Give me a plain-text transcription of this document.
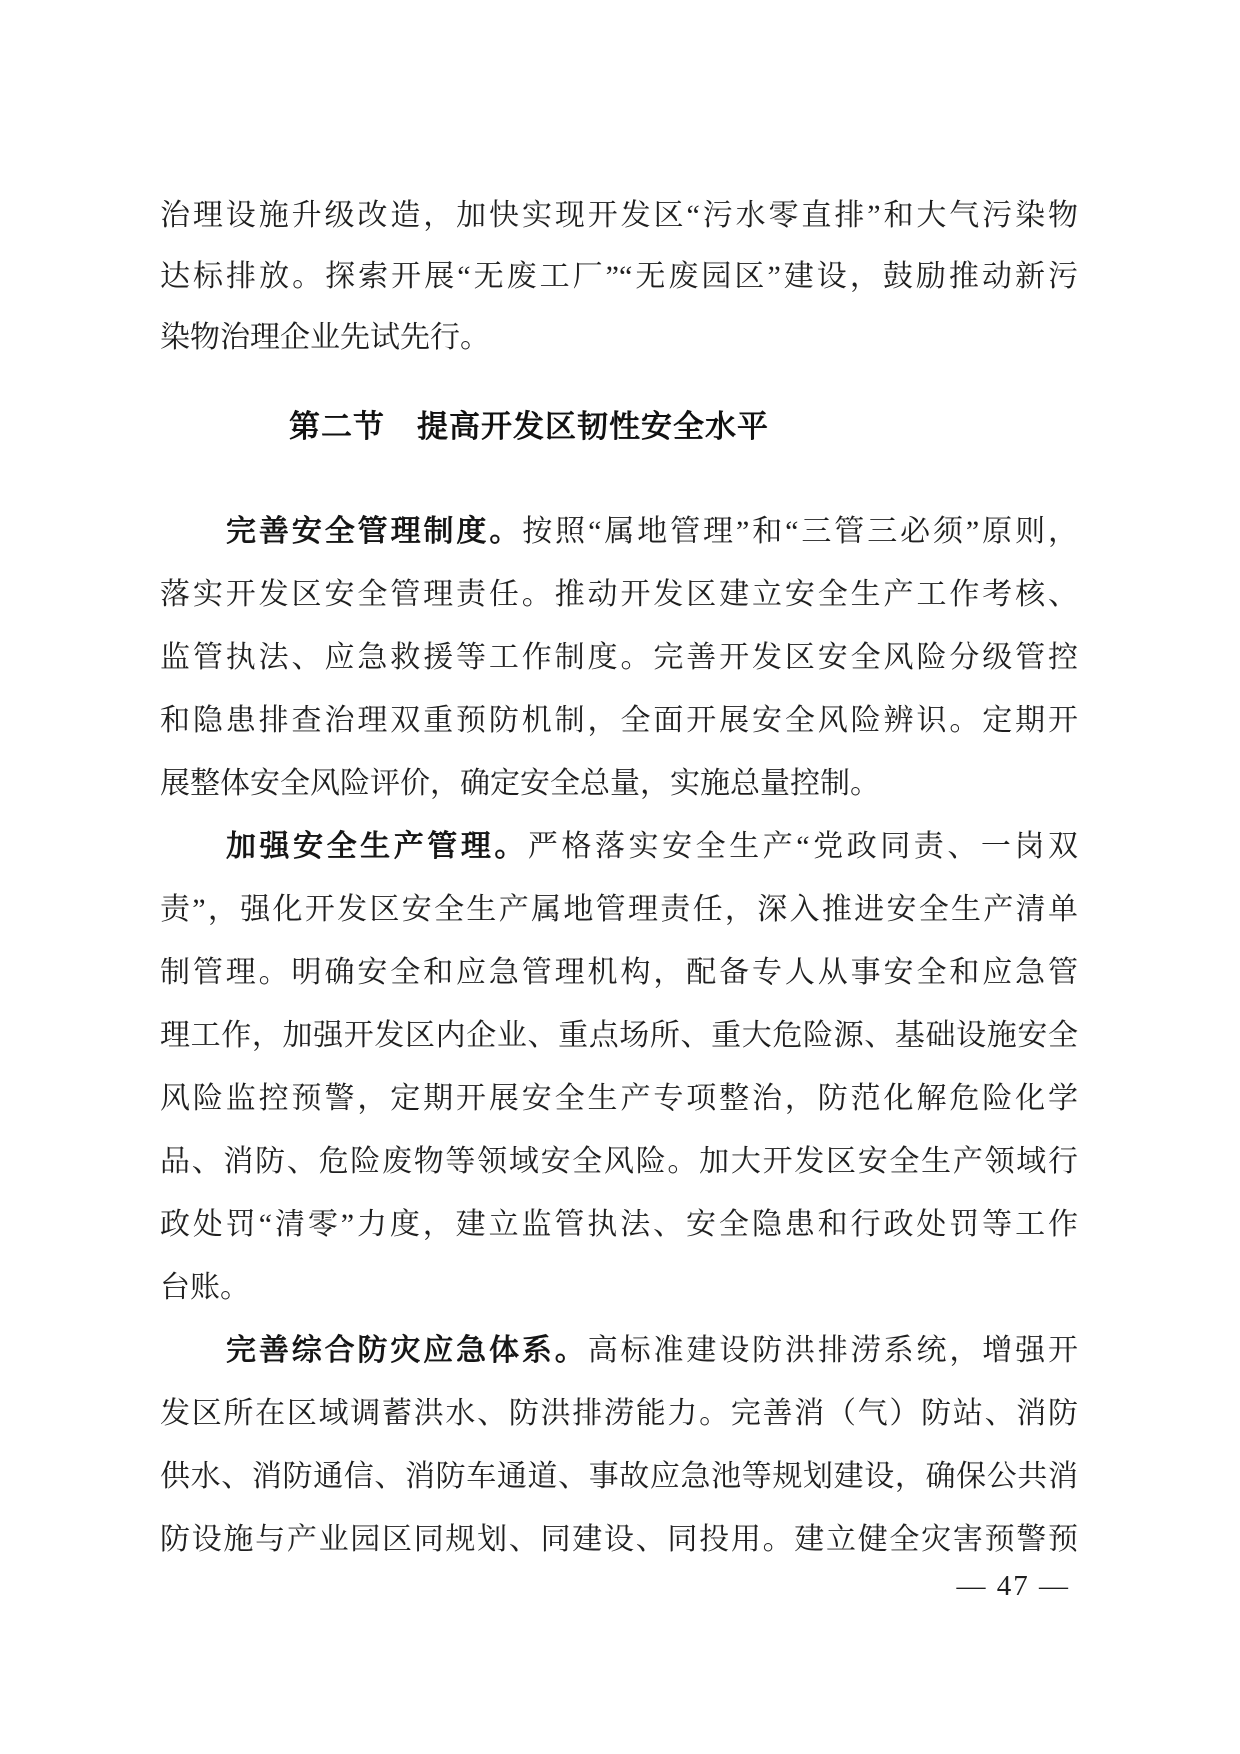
治理设施升级改造，加快实现开发区“污水零直排”和大气污染物
达标排放。探索开展“无废工厂”“无废园区”建设，鼓励推动新污
染物治理企业先试先行。
第二节　提高开发区韧性安全水平
完善安全管理制度。按照“属地管理”和“三管三必须”原则，
落实开发区安全管理责任。推动开发区建立安全生产工作考核、
监管执法、应急救援等工作制度。完善开发区安全风险分级管控
和隐患排查治理双重预防机制，全面开展安全风险辨识。定期开
展整体安全风险评价，确定安全总量，实施总量控制。
加强安全生产管理。严格落实安全生产“党政同责、一岗双
责”，强化开发区安全生产属地管理责任，深入推进安全生产清单
制管理。明确安全和应急管理机构，配备专人从事安全和应急管
理工作，加强开发区内企业、重点场所、重大危险源、基础设施安全
风险监控预警，定期开展安全生产专项整治，防范化解危险化学
品、消防、危险废物等领域安全风险。加大开发区安全生产领域行
政处罚“清零”力度，建立监管执法、安全隐患和行政处罚等工作
台账。
完善综合防灾应急体系。高标准建设防洪排涝系统，增强开
发区所在区域调蓄洪水、防洪排涝能力。完善消（气）防站、消防
供水、消防通信、消防车通道、事故应急池等规划建设，确保公共消
防设施与产业园区同规划、同建设、同投用。建立健全灾害预警预
— 47 —
